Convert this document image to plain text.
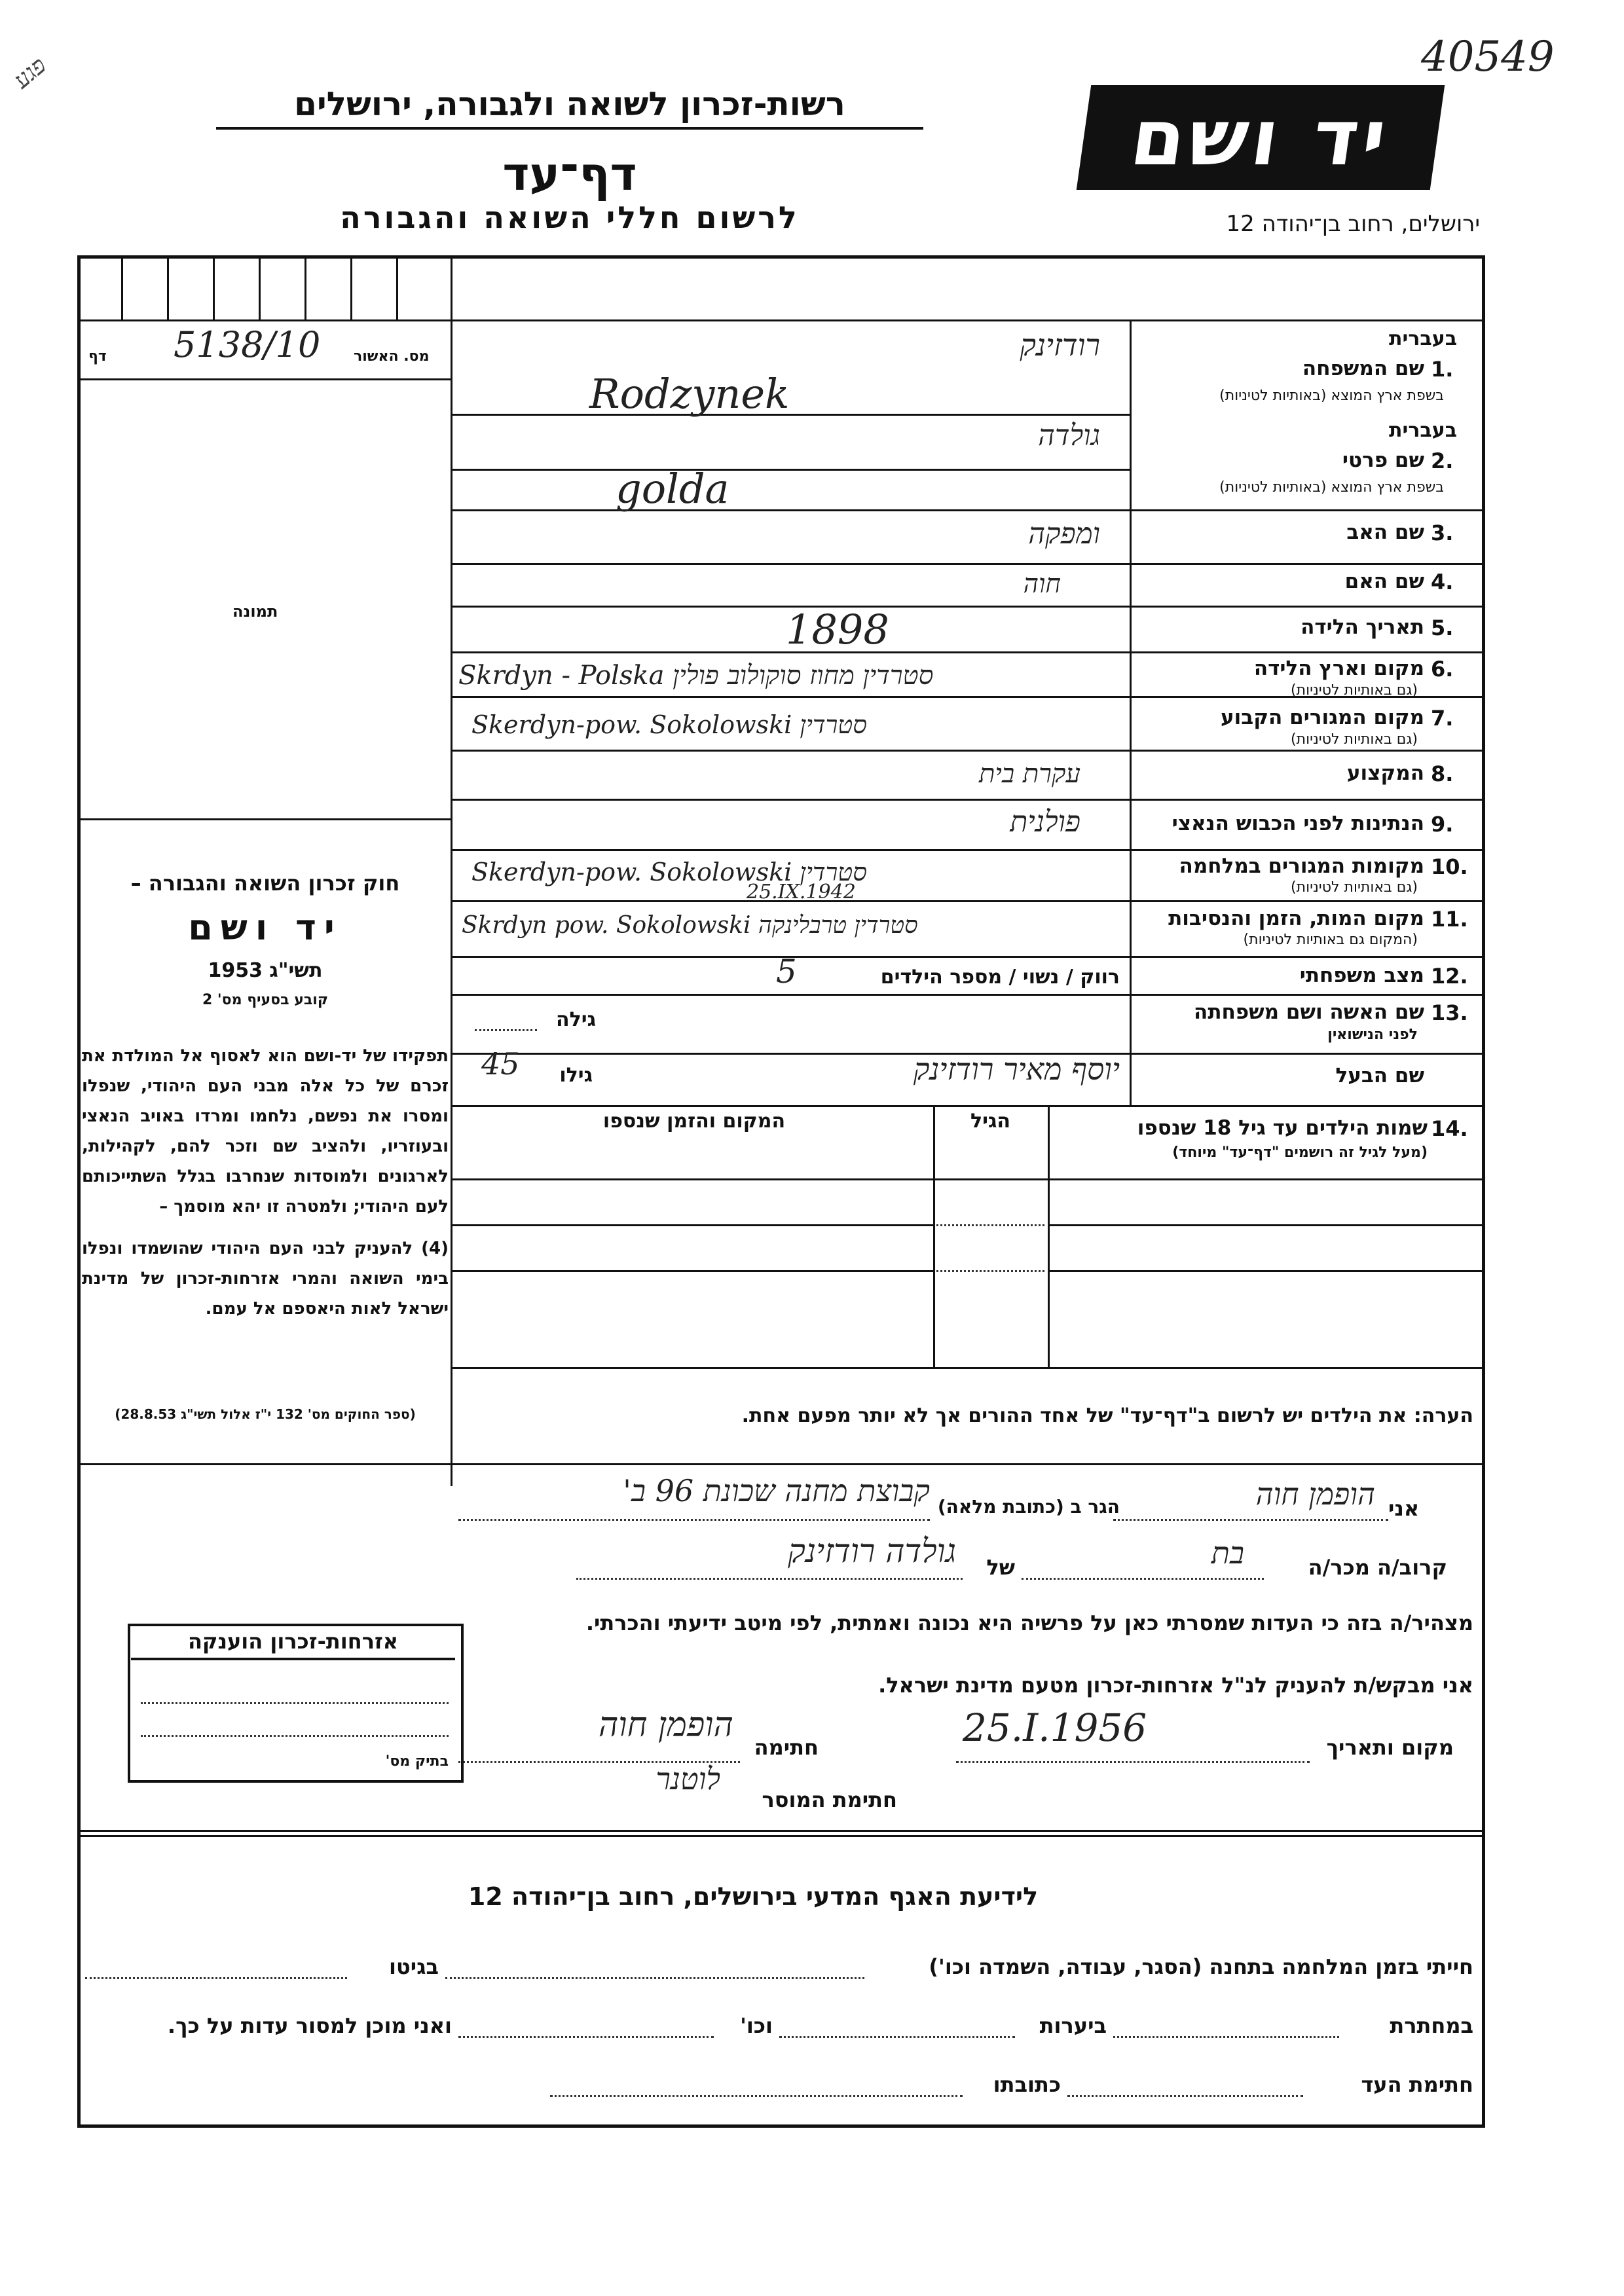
40549
פגע
יד ושם
רשות-זכרון לשואה ולגבורה, ירושלים
דף־עד
לרשום חללי השואה והגבורה	ירושלים, רחוב בן־יהודה 12
מס. האשור
5138/10
דף
תמונה
בעברית
שם המשפחה 1.
בשפת ארץ המוצא (באותיות לטיניות)
רודזינק
Rodzynek
בעברית
שם פרטי 2.
בשפת ארץ המוצא (באותיות לטיניות)
גולדה
golda
שם האב 3.
ומפקה
שם האם 4.
חוה
תאריך הלידה 5.
1898
מקום וארץ הלידה 6.
(גם באותיות לטיניות)
Skrdyn - Polska סטרדין מחוז סוקולוב פולין
מקום המגורים הקבוע 7.
(גם באותיות לטיניות)
Skerdyn-pow. Sokolowski סטרדין
המקצוע 8.
עקרת בית
הנתינות לפני הכבוש הנאצי 9.
פולנית
מקומות המגורים במלחמה 10.
(גם באותיות לטיניות)
Skerdyn-pow. Sokolowski סטרדין
מקום המות, הזמן והנסיבות 11.
(המקום גם באותיות לטיניות)
25.IX.1942
Skrdyn pow. Sokolowski סטרדין טרבלינקה
מצב משפחתי 12.
רווק / נשוי / מספר הילדים
5
שם האשה ושם משפחתה 13.
לפני הנישואין
גילה
שם הבעל
יוסף מאיר רודזינק
גילו
45
שמות הילדים עד גיל 18 שנספו 14.
(מעל לגיל זה רושמים "דף־עד" מיוחד)
הגיל
המקום והזמן שנספו
הערה: את הילדים יש לרשום ב"דף־עד" של אחד ההורים אך לא יותר מפעם אחת.
חוק זכרון השואה והגבורה –
יד ושם
תשי"ג 1953
קובע בסעיף מס' 2
תפקידו של יד-ושם הוא לאסוף אל המולדת את זכרם של כל אלה מבני העם היהודי, שנפלו ומסרו את נפשם, נלחמו ומרדו באויב הנאצי ובעוזריו, ולהציב שם וזכר להם, לקהילות, לארגונים ולמוסדות שנחרבו בגלל השתייכותם לעם היהודי; ולמטרה זו יהא מוסמך –
(4) להעניק לבני העם היהודי שהושמדו ונפלו בימי השואה והמרי אזרחות-זכרון של מדינת ישראל לאות היאספם אל עמם.
(ספר החוקים מס' 132 י"ז אלול תשי"ג 28.8.53)
אני
הופמן חוה
הגר ב (כתובת מלאה)
קבוצת מחנה שכונת 96 ב'
קרוב/ה מכר/ה
בת
של
גולדה רודזינק
מצהיר/ה בזה כי העדות שמסרתי כאן על פרשיה היא נכונה ואמתית, לפי מיטב ידיעתי והכרתי.
אני מבקש/ת להעניק לנ"ל אזרחות-זכרון מטעם מדינת ישראל.
מקום ותאריך
25.I.1956
חתימה
הופמן חוה
חתימת המוסר
לוטנר
אזרחות-זכרון הוענקה
בתיק מס'
לידיעת האגף המדעי בירושלים, רחוב בן־יהודה 12
חייתי בזמן המלחמה בתחנה (הסגר, עבודה, השמדה וכו')
בגיטו
במחתרת
ביערות
וכו'
ואני מוכן למסור עדות על כך.
חתימת העד
כתובתו
